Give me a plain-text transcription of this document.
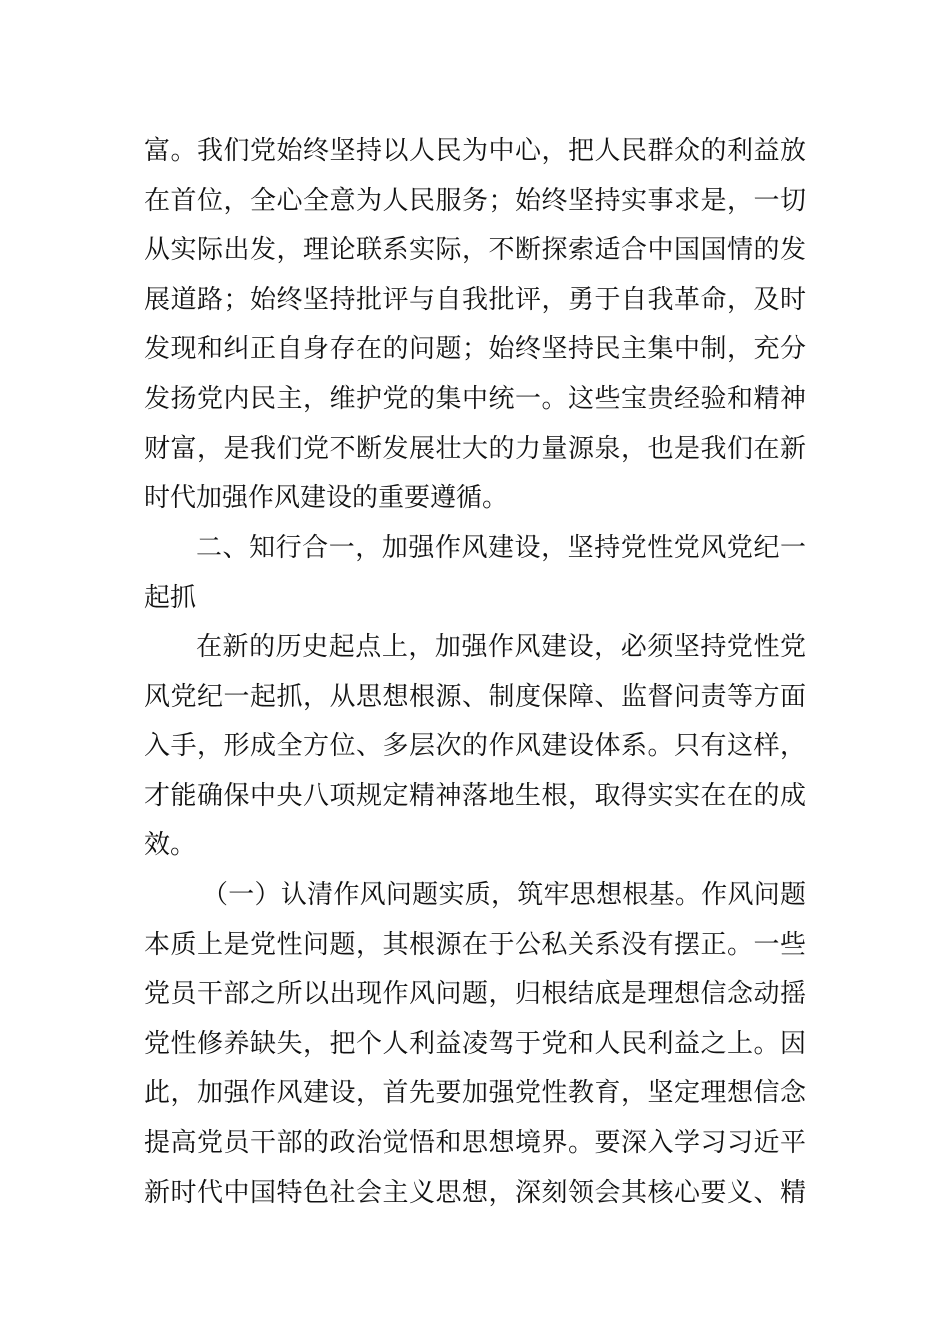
富。我们党始终坚持以人民为中心，把人民群众的利益放
在首位，全心全意为人民服务；始终坚持实事求是，一切
从实际出发，理论联系实际，不断探索适合中国国情的发
展道路；始终坚持批评与自我批评，勇于自我革命，及时
发现和纠正自身存在的问题；始终坚持民主集中制，充分
发扬党内民主，维护党的集中统一。这些宝贵经验和精神
财富，是我们党不断发展壮大的力量源泉，也是我们在新
时代加强作风建设的重要遵循。
二、知行合一，加强作风建设，坚持党性党风党纪一
起抓
在新的历史起点上，加强作风建设，必须坚持党性党
风党纪一起抓，从思想根源、制度保障、监督问责等方面
入手，形成全方位、多层次的作风建设体系。只有这样，
才能确保中央八项规定精神落地生根，取得实实在在的成
效。
（一）认清作风问题实质，筑牢思想根基。作风问题
本质上是党性问题，其根源在于公私关系没有摆正。一些
党员干部之所以出现作风问题，归根结底是理想信念动摇
党性修养缺失，把个人利益凌驾于党和人民利益之上。因
此，加强作风建设，首先要加强党性教育，坚定理想信念
提高党员干部的政治觉悟和思想境界。要深入学习习近平
新时代中国特色社会主义思想，深刻领会其核心要义、精
